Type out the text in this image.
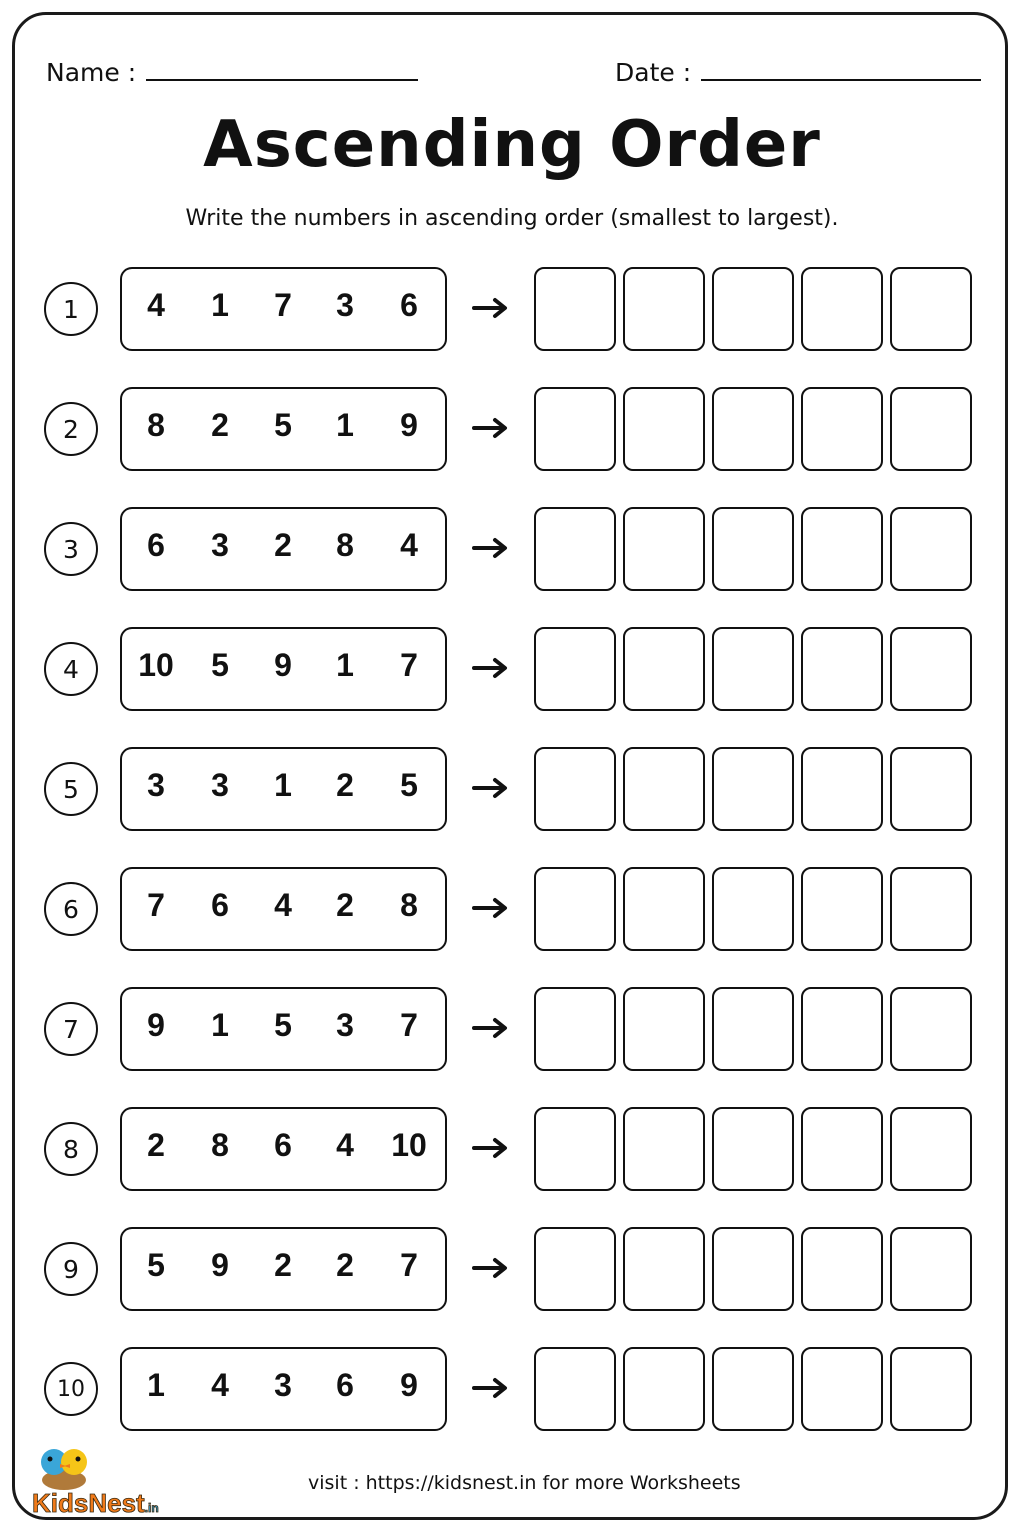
Name :	Date :
Ascending Order
Write the numbers in ascending order (smallest to largest).
1	4	1	7	3	6
2	8	2	5	1	9
3	6	3	2	8	4
4	10	5	9	1	7
5	3	3	1	2	5
6	7	6	4	2	8
7	9	1	5	3	7
8	2	8	6	4	10
9	5	9	2	2	7
10	1	4	3	6	9
KidsNest.in
visit : https://kidsnest.in for more Worksheets
